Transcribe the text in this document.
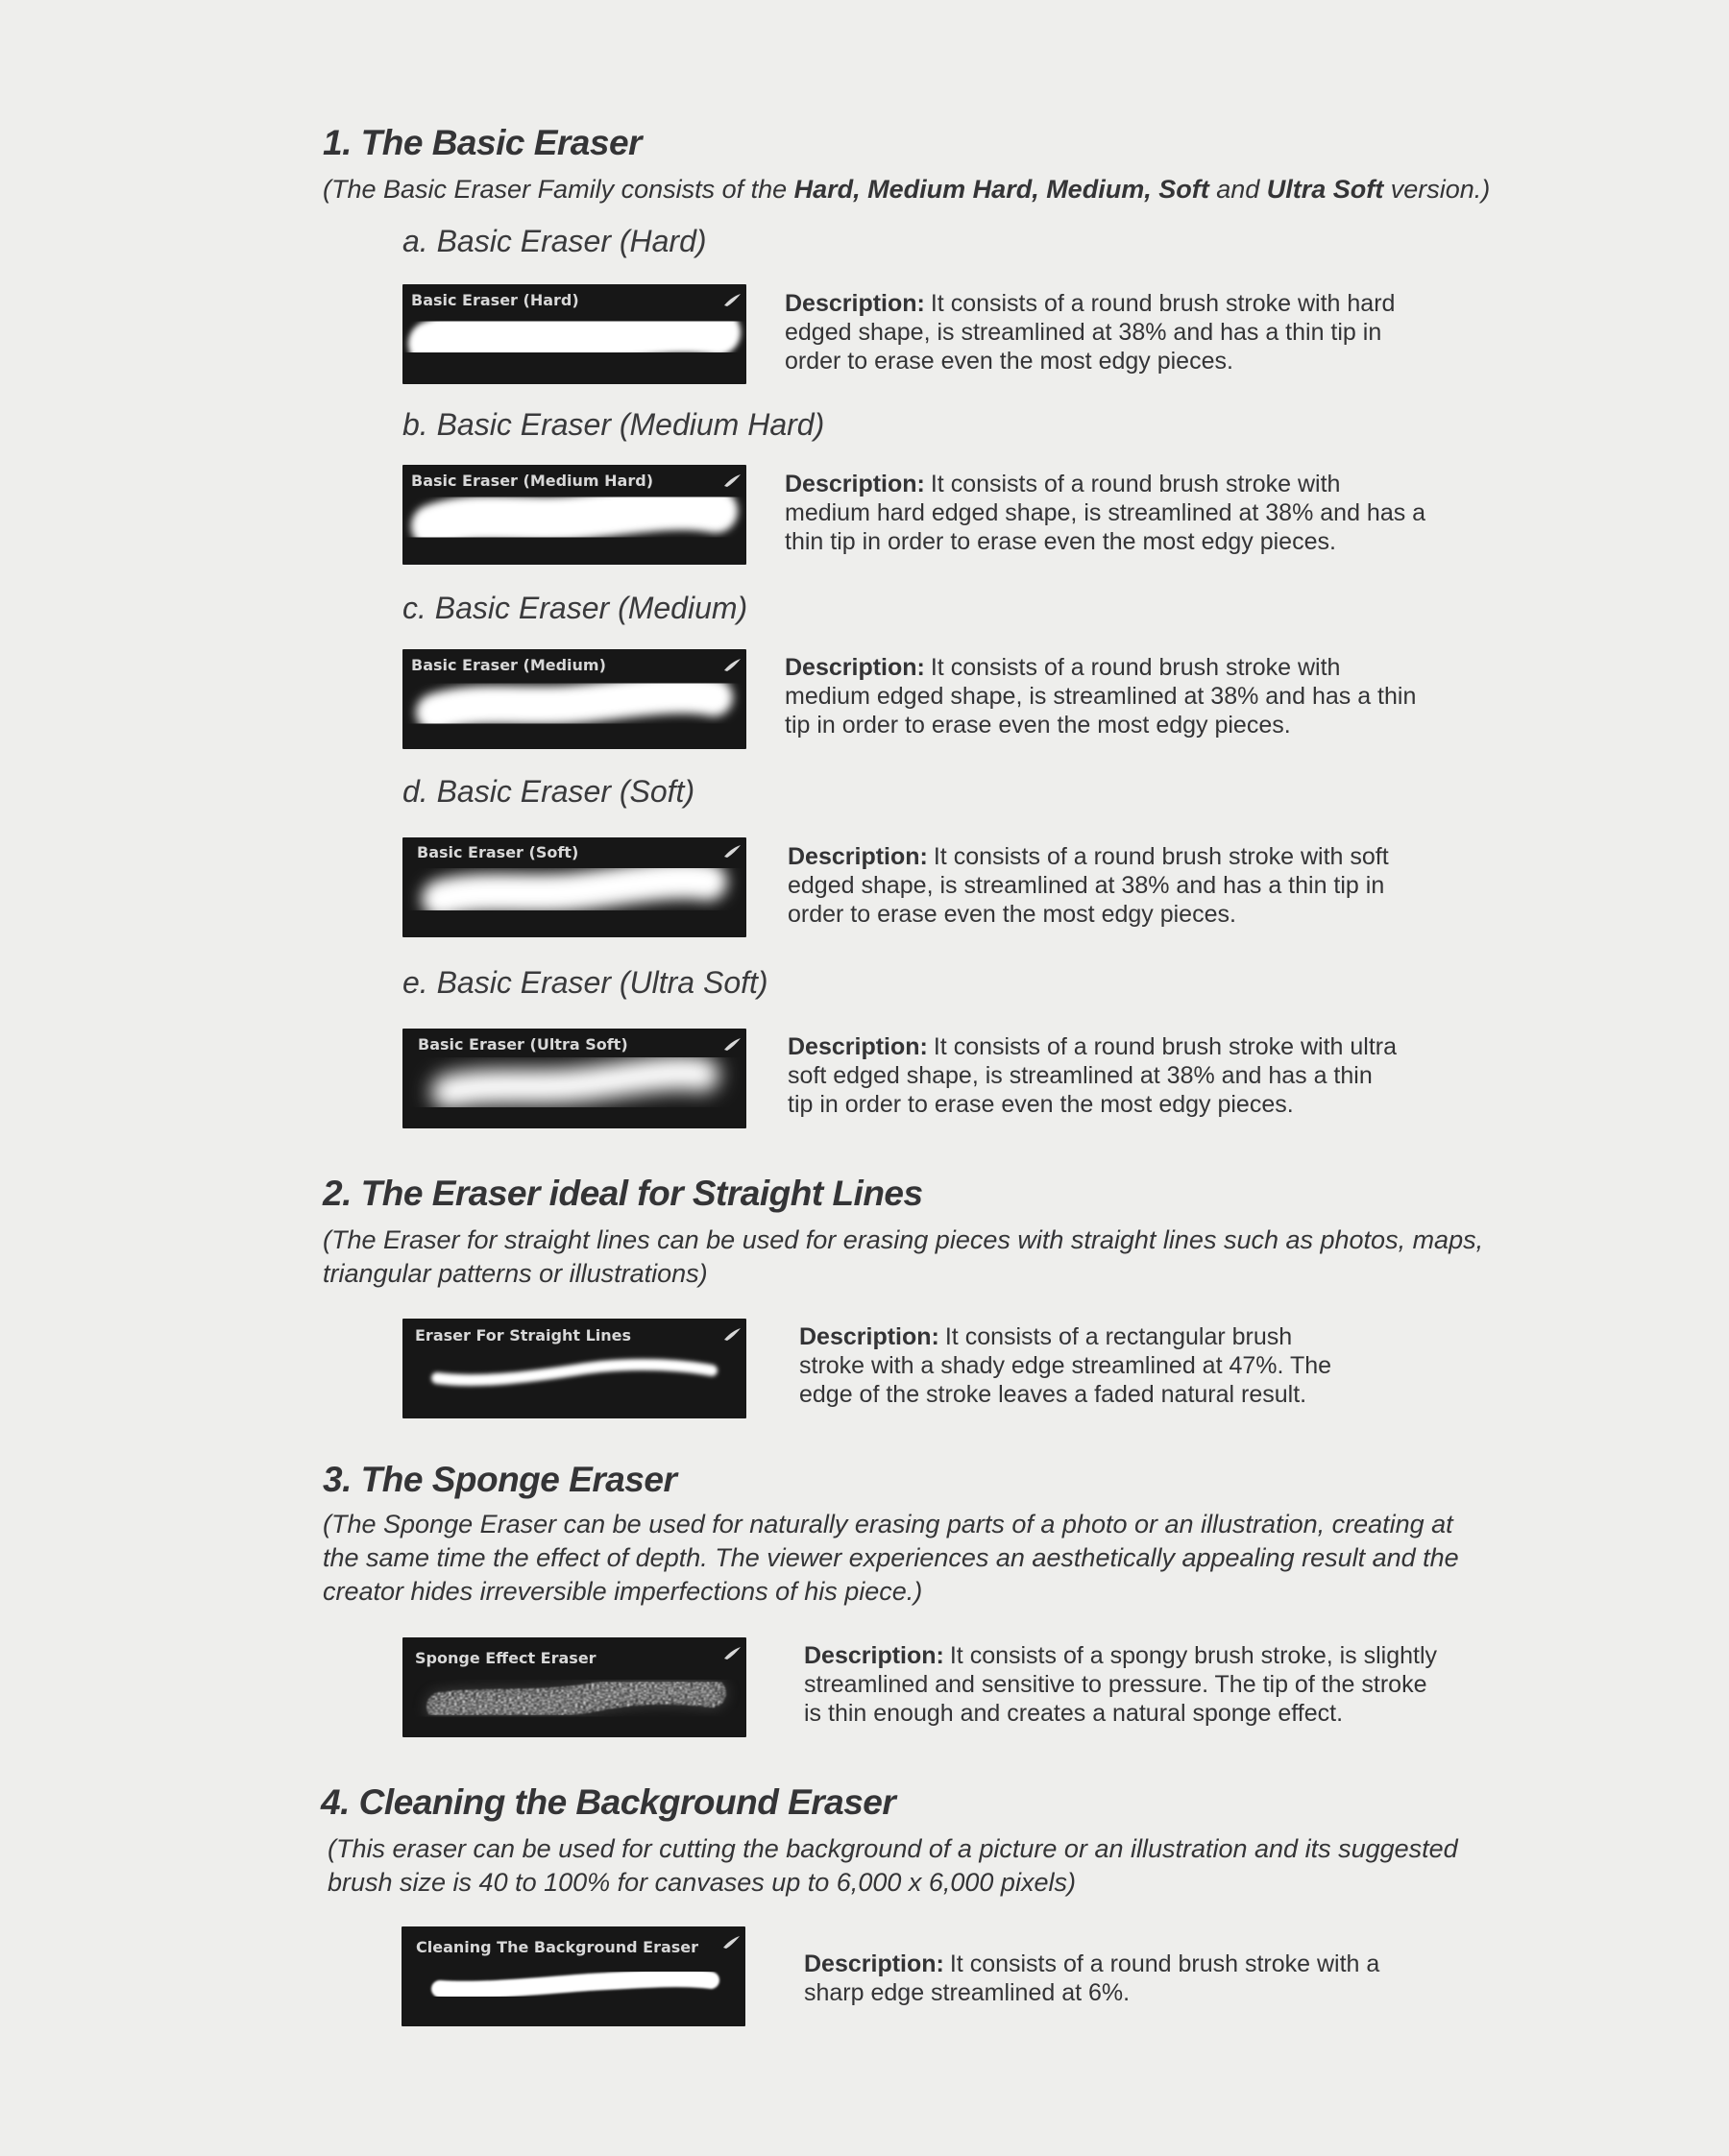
1. The Basic Eraser
(The Basic Eraser Family consists of the Hard, Medium Hard, Medium, Soft and Ultra Soft version.)
a. Basic Eraser (Hard)
Basic Eraser (Hard)	Description: It consists of a round brush stroke with hard
edged shape, is streamlined at 38% and has a thin tip in
order to erase even the most edgy pieces.
b. Basic Eraser (Medium Hard)
Basic Eraser (Medium Hard)	Description: It consists of a round brush stroke with
medium hard edged shape, is streamlined at 38% and has a
thin tip in order to erase even the most edgy pieces.
c. Basic Eraser (Medium)
Basic Eraser (Medium)	Description: It consists of a round brush stroke with
medium edged shape, is streamlined at 38% and has a thin
tip in order to erase even the most edgy pieces.
d. Basic Eraser (Soft)
Basic Eraser (Soft)	Description: It consists of a round brush stroke with soft
edged shape, is streamlined at 38% and has a thin tip in
order to erase even the most edgy pieces.
e. Basic Eraser (Ultra Soft)
Basic Eraser (Ultra Soft)	Description: It consists of a round brush stroke with ultra
soft edged shape, is streamlined at 38% and has a thin
tip in order to erase even the most edgy pieces.
2. The Eraser ideal for Straight Lines
(The Eraser for straight lines can be used for erasing pieces with straight lines such as photos, maps,
triangular patterns or illustrations)
Eraser For Straight Lines	Description: It consists of a rectangular brush
stroke with a shady edge streamlined at 47%. The
edge of the stroke leaves a faded natural result.
3. The Sponge Eraser
(The Sponge Eraser can be used for naturally erasing parts of a photo or an illustration, creating at
the same time the effect of depth. The viewer experiences an aesthetically appealing result and the
creator hides irreversible imperfections of his piece.)
Sponge Effect Eraser	Description: It consists of a spongy brush stroke, is slightly
streamlined and sensitive to pressure. The tip of the stroke
is thin enough and creates a natural sponge effect.
4. Cleaning the Background Eraser
(This eraser can be used for cutting the background of a picture or an illustration and its suggested
brush size is 40 to 100% for canvases up to 6,000 x 6,000 pixels)
Cleaning The Background Eraser
Description: It consists of a round brush stroke with a
sharp edge streamlined at 6%.
